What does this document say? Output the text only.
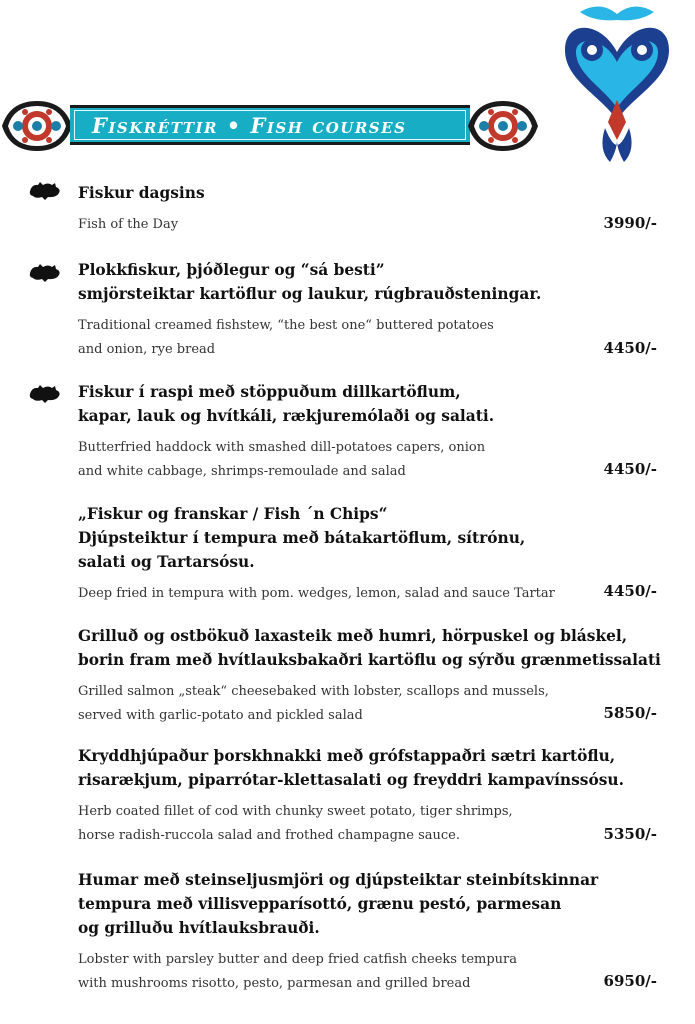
Fiskréttir • Fish courses

Fiskur dagsins

Fish of the Day	3990/-

Plokkfiskur, þjóðlegur og “sá besti”
smjörsteiktar kartöflur og laukur, rúgbrauðsteningar.

Traditional creamed fishstew, “the best one“ buttered potatoes
and onion, rye bread	4450/-

Fiskur í raspi með stöppuðum dillkartöflum,
kapar, lauk og hvítkáli, rækjuremólaði og salati.

Butterfried haddock with smashed dill-potatoes capers, onion
and white cabbage, shrimps-remoulade and salad	4450/-

„Fiskur og franskar / Fish ´n Chips“
Djúpsteiktur í tempura með bátakartöflum, sítrónu,
salati og Tartarsósu.

Deep fried in tempura with pom. wedges, lemon, salad and sauce Tartar	4450/-

Grilluð og ostbökuð laxasteik með humri, hörpuskel og bláskel,
borin fram með hvítlauksbakaðri kartöflu og sýrðu grænmetissalati

Grilled salmon „steak“ cheesebaked with lobster, scallops and mussels,
served with garlic-potato and pickled salad	5850/-

Kryddhjúpaður þorskhnakki með grófstappaðri sætri kartöflu,
risarækjum, piparrótar-klettasalati og freyddri kampavínssósu.

Herb coated fillet of cod with chunky sweet potato, tiger shrimps,
horse radish-ruccola salad and frothed champagne sauce.	5350/-

Humar með steinseljusmjöri og djúpsteiktar steinbítskinnar
tempura með villisvepparísottó, grænu pestó, parmesan
og grilluðu hvítlauksbrauði.

Lobster with parsley butter and deep fried catfish cheeks tempura
with mushrooms risotto, pesto, parmesan and grilled bread	6950/-
